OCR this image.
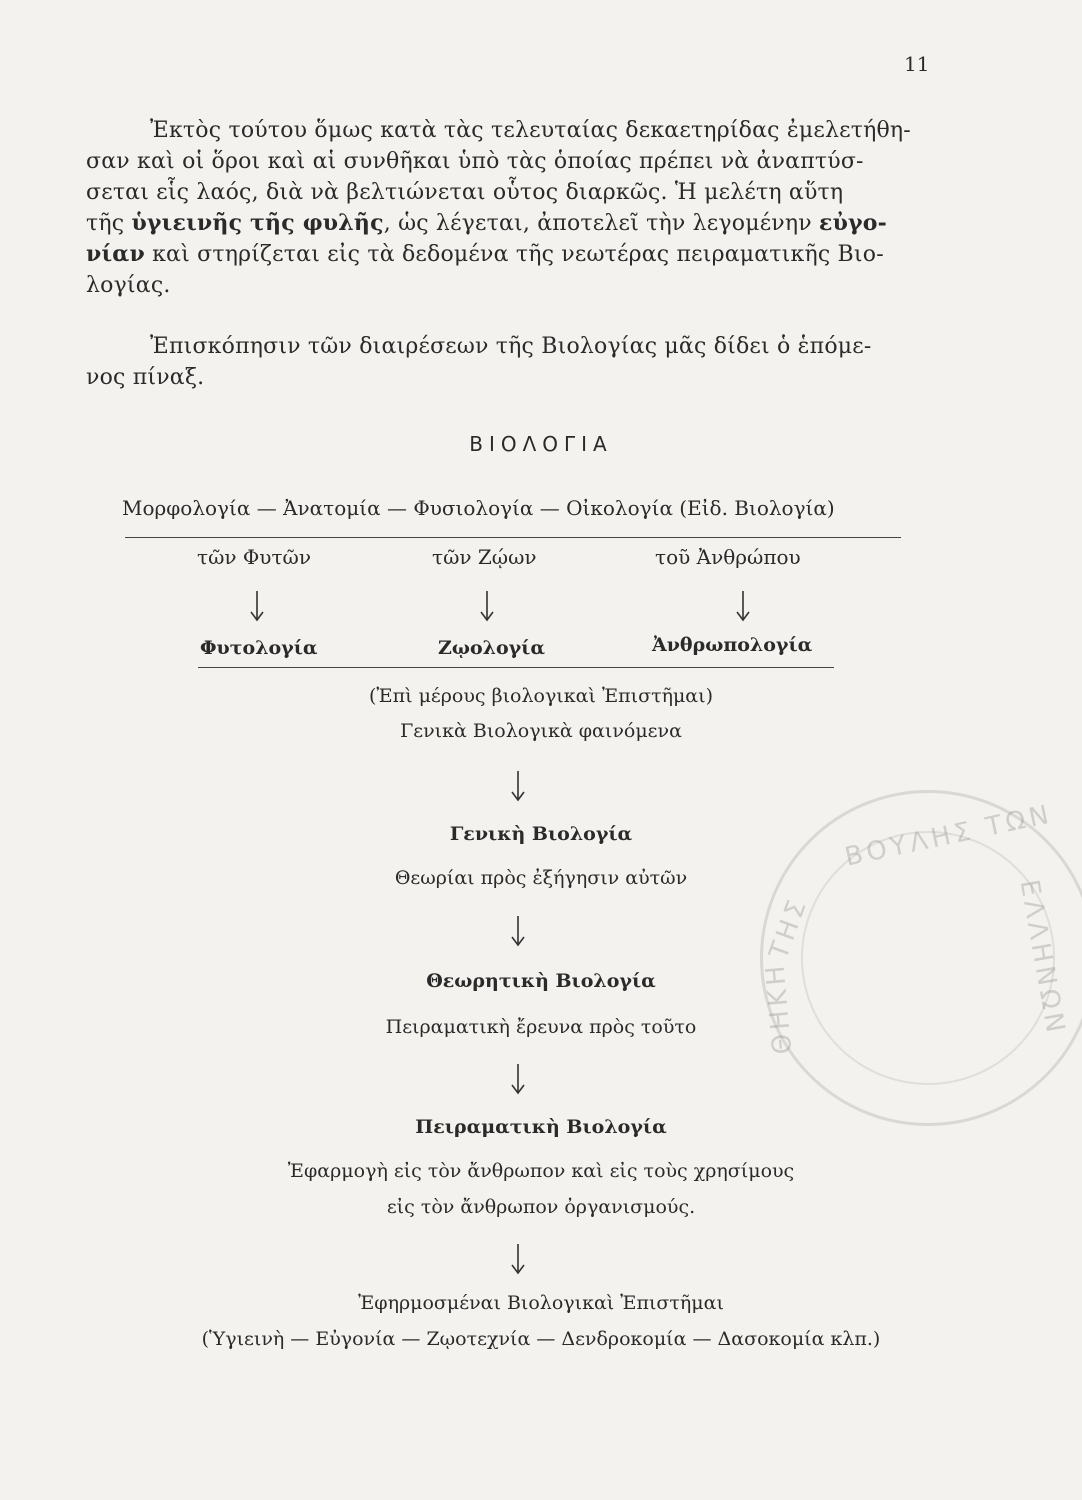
11
Ἐκτὸς τούτου ὅμως κατὰ τὰς τελευταίας δεκαετηρίδας ἐμελετήθη-
σαν καὶ οἱ ὅροι καὶ αἱ συνθῆκαι ὑπὸ τὰς ὁποίας πρέπει νὰ ἀναπτύσ-
σεται εἷς λαός, διὰ νὰ βελτιώνεται οὗτος διαρκῶς. Ἡ μελέτη αὕτη
τῆς ὑγιεινῆς τῆς φυλῆς, ὡς λέγεται, ἀποτελεῖ τὴν λεγομένην εὐγο-
νίαν καὶ στηρίζεται εἰς τὰ δεδομένα τῆς νεωτέρας πειραματικῆς Βιο-
λογίας.
Ἐπισκόπησιν τῶν διαιρέσεων τῆς Βιολογίας μᾶς δίδει ὁ ἑπόμε-
νος πίναξ.
ΒΙΟΛΟΓΙΑ
Μορφολογία — Ἀνατομία — Φυσιολογία — Οἰκολογία (Εἰδ. Βιολογία)
τῶν Φυτῶν	τῶν Ζῴων	τοῦ Ἀνθρώπου
Φυτολογία	Ζῳολογία	Ἀνθρωπολογία
(Ἐπὶ μέρους βιολογικαὶ Ἐπιστῆμαι)
Γενικὰ Βιολογικὰ φαινόμενα
Γενικὴ Βιολογία
Θεωρίαι πρὸς ἐξήγησιν αὐτῶν
Θεωρητικὴ Βιολογία
Πειραματικὴ ἔρευνα πρὸς τοῦτο
Πειραματικὴ Βιολογία
Ἐφαρμογὴ εἰς τὸν ἄνθρωπον καὶ εἰς τοὺς χρησίμους
εἰς τὸν ἄνθρωπον ὀργανισμούς.
Ἐφηρμοσμέναι Βιολογικαὶ Ἐπιστῆμαι
(Ὑγιεινὴ — Εὐγονία — Ζῳοτεχνία — Δενδροκομία — Δασοκομία κλπ.)
ΒΟΥΛΗΣ ΤΩΝ
ΤΗΣ
ΘΗΚΗ	ΕΛΛΗΝΩΝ
